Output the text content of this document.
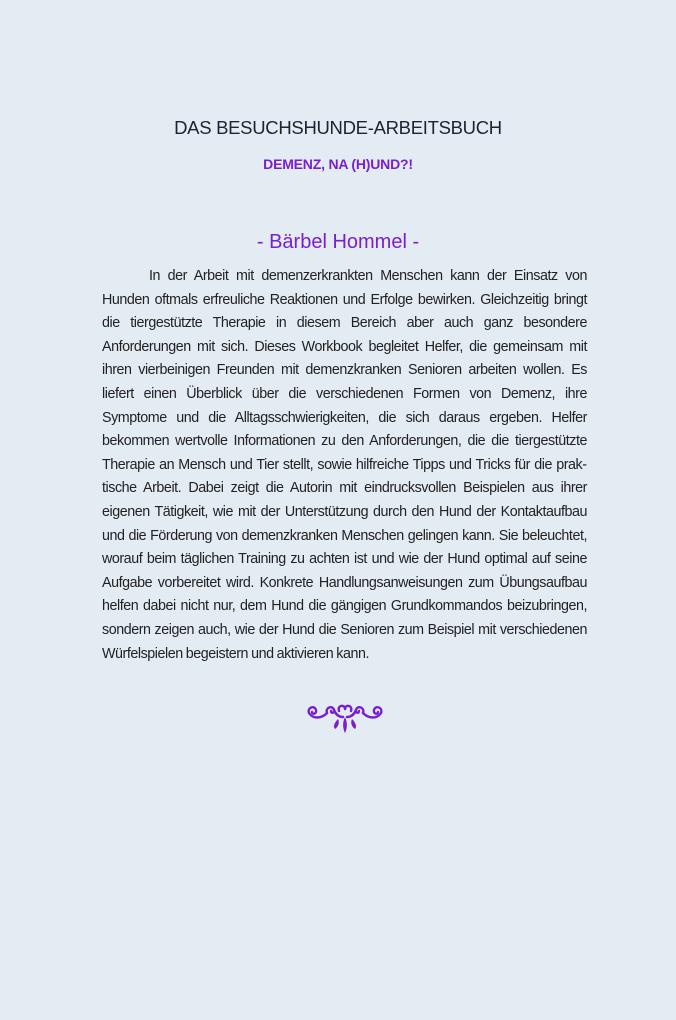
DAS BESUCHSHUNDE-ARBEITSBUCH
DEMENZ, NA (H)UND?!
- Bärbel Hommel -

In der Arbeit mit demenzerkrankten Menschen kann der Einsatz von Hunden oftmals erfreuliche Reaktionen und Erfolge bewirken. Gleichzeitig bringt die tiergestützte Therapie in diesem Bereich aber auch ganz besondere Anforderungen mit sich. Dieses Workbook begleitet Helfer, die gemeinsam mit ihren vierbeinigen Freunden mit demenzkranken Senioren arbeiten wollen. Es liefert einen Überblick über die verschiedenen Formen von Demenz, ihre Symptome und die Alltagsschwierigkeiten, die sich daraus ergeben. Helfer bekommen wertvolle Informationen zu den Anforderungen, die die tiergestützte Therapie an Mensch und Tier stellt, sowie hilfreiche Tipps und Tricks für die praktische Arbeit. Dabei zeigt die Autorin mit eindrucksvollen Beispielen aus ihrer eigenen Tätigkeit, wie mit der Unterstützung durch den Hund der Kontaktaufbau und die Förderung von demenzkranken Menschen gelingen kann. Sie beleuchtet, worauf beim täglichen Training zu achten ist und wie der Hund optimal auf seine Aufgabe vorbereitet wird. Konkrete Handlungsanweisungen zum Übungsaufbau helfen dabei nicht nur, dem Hund die gängigen Grundkommandos beizubringen, sondern zeigen auch, wie der Hund die Senioren zum Beispiel mit verschiedenen Würfelspielen begeistern und aktivieren kann.
